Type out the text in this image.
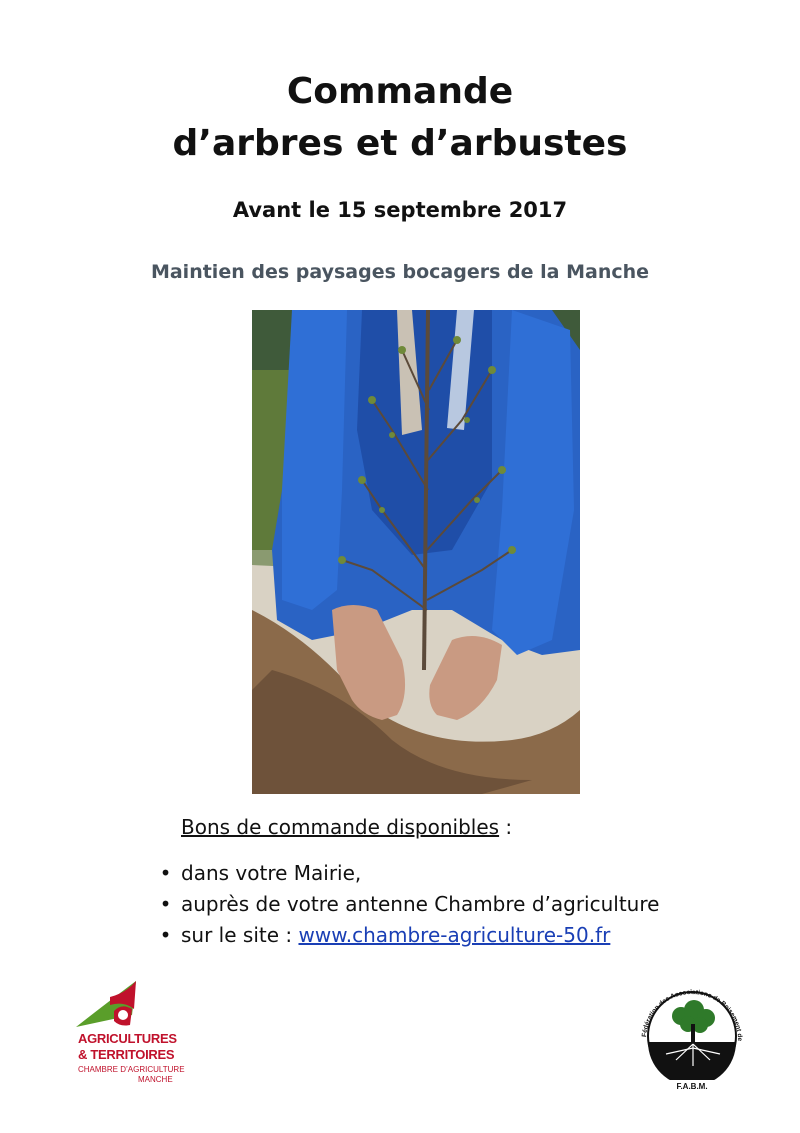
Commande
d’arbres et d’arbustes
Avant le 15 septembre 2017
Maintien des paysages bocagers de la Manche
Bons de commande disponibles :
• dans votre Mairie,
• auprès de votre antenne Chambre d’agriculture
• sur le site : www.chambre-agriculture-50.fr
AGRICULTURES
& TERRITOIRES
CHAMBRE D’AGRICULTURE
MANCHE
Fédération des Associations de Boisement de
F.A.B.M.
